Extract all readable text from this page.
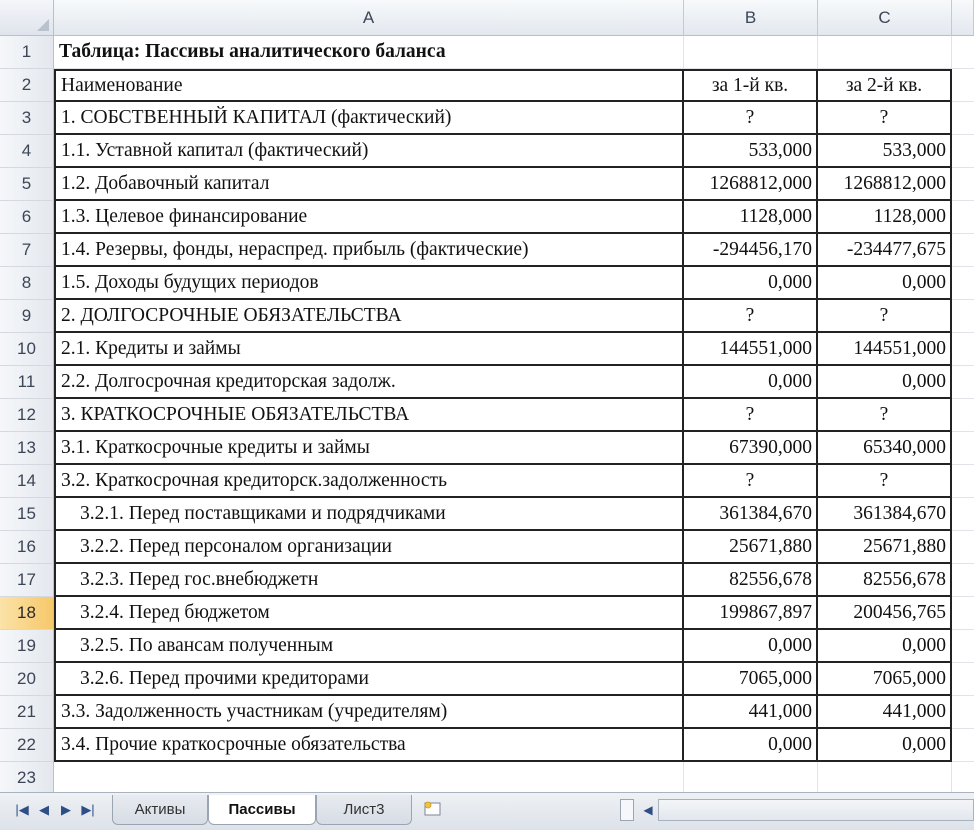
A	B	C
1	Таблица: Пассивы аналитического баланса
2	Наименование	за 1-й кв.	за 2-й кв.
3	1. СОБСТВЕННЫЙ КАПИТАЛ (фактический)	?	?
4	1.1. Уставной капитал (фактический)	533,000	533,000
5	1.2. Добавочный капитал	1268812,000	1268812,000
6	1.3. Целевое финансирование	1128,000	1128,000
7	1.4. Резервы, фонды, нераспред. прибыль (фактические)	-294456,170	-234477,675
8	1.5. Доходы будущих периодов	0,000	0,000
9	2. ДОЛГОСРОЧНЫЕ ОБЯЗАТЕЛЬСТВА	?	?
10	2.1. Кредиты и займы	144551,000	144551,000
11	2.2. Долгосрочная кредиторская задолж.	0,000	0,000
12	3. КРАТКОСРОЧНЫЕ ОБЯЗАТЕЛЬСТВА	?	?
13	3.1. Краткосрочные кредиты и займы	67390,000	65340,000
14	3.2. Краткосрочная кредиторск.задолженность	?	?
15	3.2.1. Перед поставщиками и подрядчиками	361384,670	361384,670
16	3.2.2. Перед персоналом организации	25671,880	25671,880
17	3.2.3. Перед гос.внебюджетн	82556,678	82556,678
18	3.2.4. Перед бюджетом	199867,897	200456,765
19	3.2.5. По авансам полученным	0,000	0,000
20	3.2.6. Перед прочими кредиторами	7065,000	7065,000
21	3.3. Задолженность участникам (учредителям)	441,000	441,000
22	3.4. Прочие краткосрочные обязательства	0,000	0,000
23
|◀ ◀ ▶ ▶|	Активы	Пассивы	Лист3	◀
